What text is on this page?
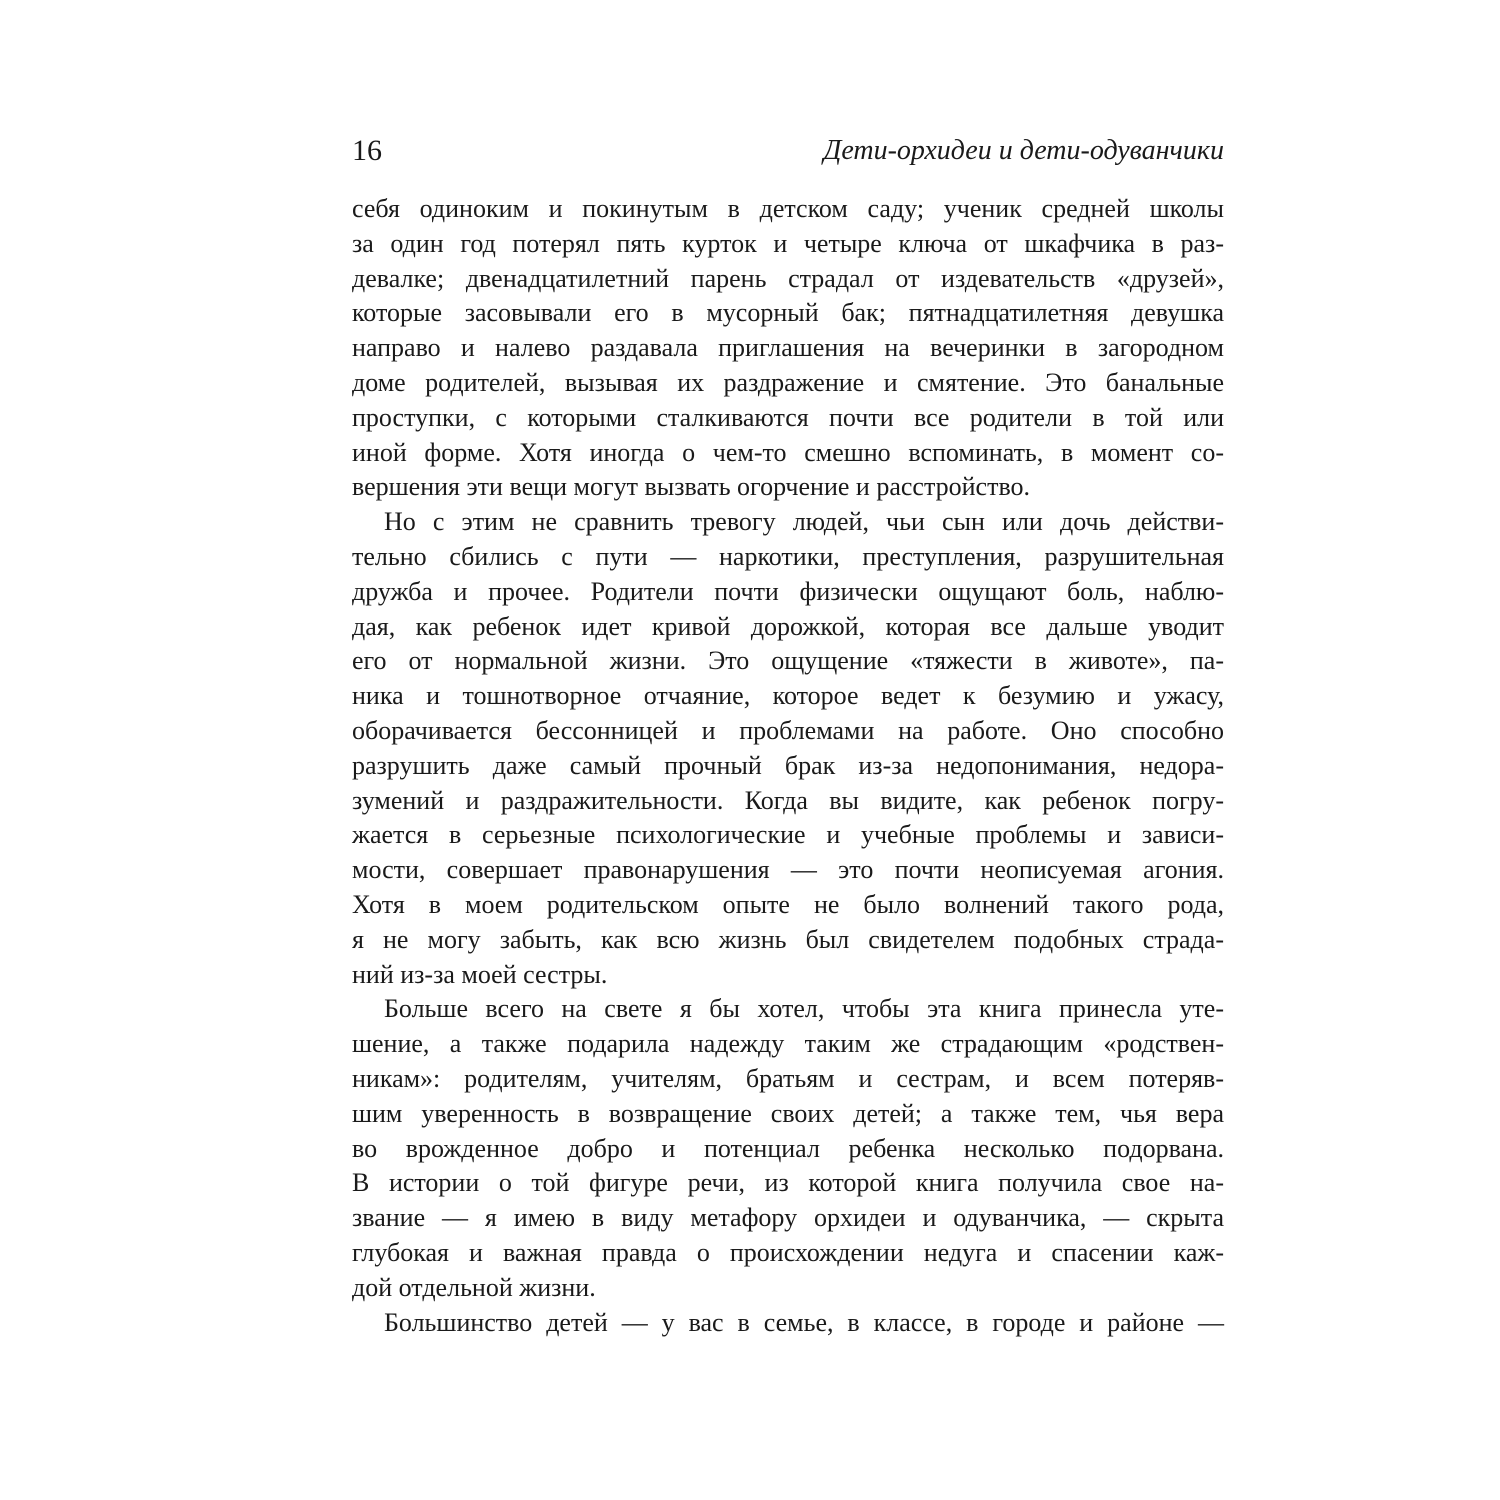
16	Дети-орхидеи и дети-одуванчики
себя одиноким и покинутым в детском саду; ученик средней школы
за один год потерял пять курток и четыре ключа от шкафчика в раз-
девалке; двенадцатилетний парень страдал от издевательств «друзей»,
которые засовывали его в мусорный бак; пятнадцатилетняя девушка
направо и налево раздавала приглашения на вечеринки в загородном
доме родителей, вызывая их раздражение и смятение. Это банальные
проступки, с которыми сталкиваются почти все родители в той или
иной форме. Хотя иногда о чем-то смешно вспоминать, в момент со-
вершения эти вещи могут вызвать огорчение и расстройство.
Но с этим не сравнить тревогу людей, чьи сын или дочь действи-
тельно сбились с пути — наркотики, преступления, разрушительная
дружба и прочее. Родители почти физически ощущают боль, наблю-
дая, как ребенок идет кривой дорожкой, которая все дальше уводит
его от нормальной жизни. Это ощущение «тяжести в животе», па-
ника и тошнотворное отчаяние, которое ведет к безумию и ужасу,
оборачивается бессонницей и проблемами на работе. Оно способно
разрушить даже самый прочный брак из-за недопонимания, недора-
зумений и раздражительности. Когда вы видите, как ребенок погру-
жается в серьезные психологические и учебные проблемы и зависи-
мости, совершает правонарушения — это почти неописуемая агония.
Хотя в моем родительском опыте не было волнений такого рода,
я не могу забыть, как всю жизнь был свидетелем подобных страда-
ний из-за моей сестры.
Больше всего на свете я бы хотел, чтобы эта книга принесла уте-
шение, а также подарила надежду таким же страдающим «родствен-
никам»: родителям, учителям, братьям и сестрам, и всем потеряв-
шим уверенность в возвращение своих детей; а также тем, чья вера
во врожденное добро и потенциал ребенка несколько подорвана.
В истории о той фигуре речи, из которой книга получила свое на-
звание — я имею в виду метафору орхидеи и одуванчика, — скрыта
глубокая и важная правда о происхождении недуга и спасении каж-
дой отдельной жизни.
Большинство детей — у вас в семье, в классе, в городе и районе —
